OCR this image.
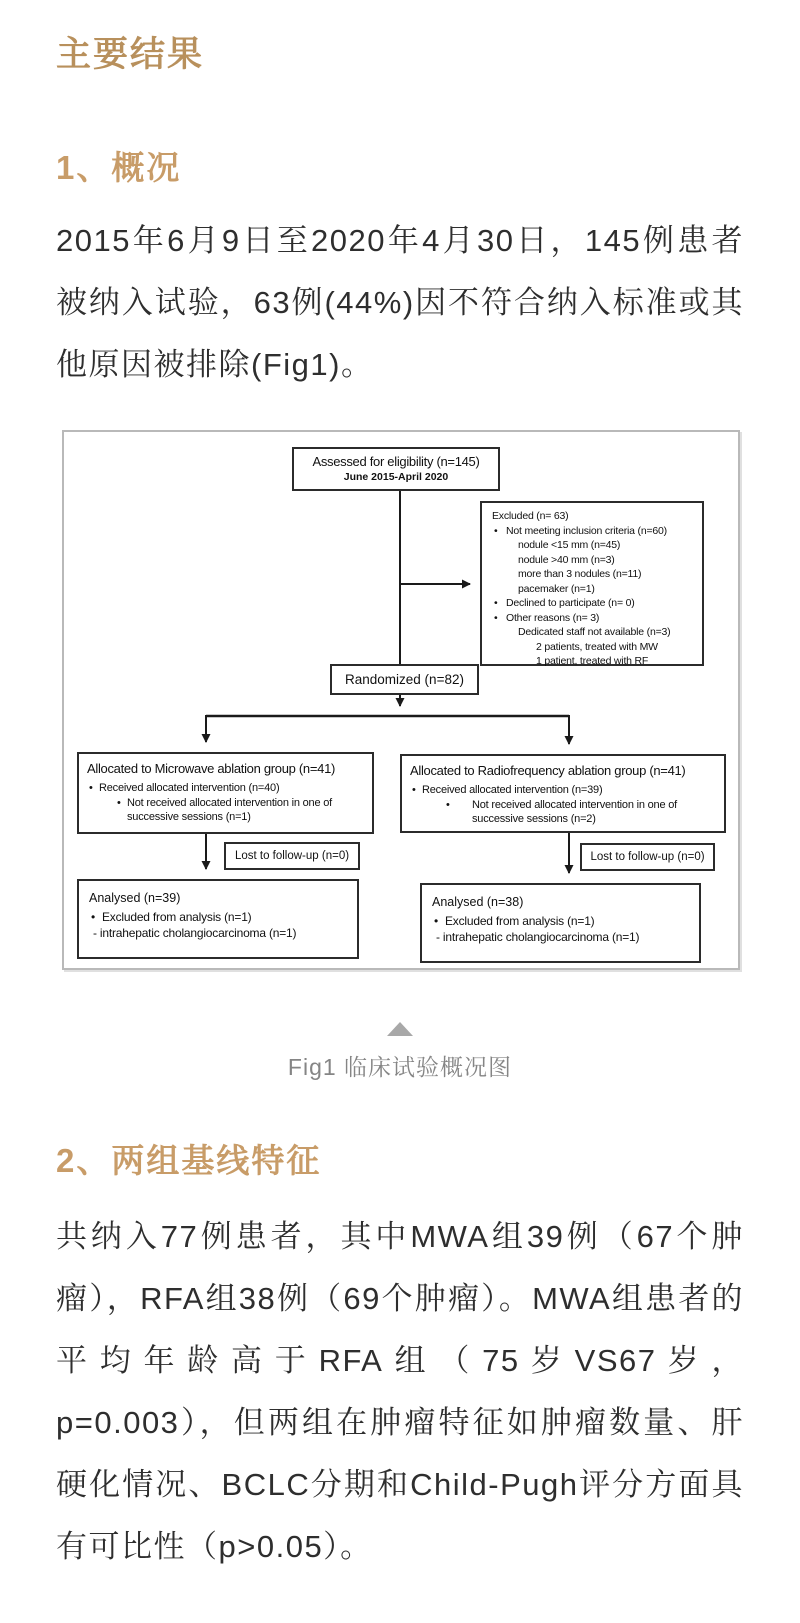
主要结果
1、概况

2015年6月9日至2020年4月30日，145例患者被纳入试验，63例(44%)因不符合纳入标准或其他原因被排除(Fig1)。

Assessed for eligibility (n=145)
June 2015-April 2020
Excluded (n= 63)
• Not meeting inclusion criteria (n=60)
nodule <15 mm (n=45)
nodule >40 mm (n=3)
more than 3 nodules (n=11)
pacemaker (n=1)
• Declined to participate (n= 0)
• Other reasons (n= 3)
Dedicated staff not available (n=3)
2 patients, treated with MW
1 patient, treated with RF
Randomized (n=82)
Allocated to Microwave ablation group (n=41)
• Received allocated intervention (n=40)
• Not received allocated intervention in one of successive sessions (n=1)
Allocated to Radiofrequency ablation group (n=41)
• Received allocated intervention (n=39)
• Not received allocated intervention in one of successive sessions (n=2)
Lost to follow-up (n=0)	Lost to follow-up (n=0)
Analysed (n=39)
• Excluded from analysis (n=1)
- intrahepatic cholangiocarcinoma (n=1)
Analysed (n=38)
• Excluded from analysis (n=1)
- intrahepatic cholangiocarcinoma (n=1)
Fig1 临床试验概况图
2、两组基线特征

共纳入77例患者，其中MWA组39例（67个肿瘤），RFA组38例（69个肿瘤）。MWA组患者的平均年龄高于RFA组（75岁VS67岁，p=0.003），但两组在肿瘤特征如肿瘤数量、肝硬化情况、BCLC分期和Child-Pugh评分方面具有可比性（p>0.05）。
